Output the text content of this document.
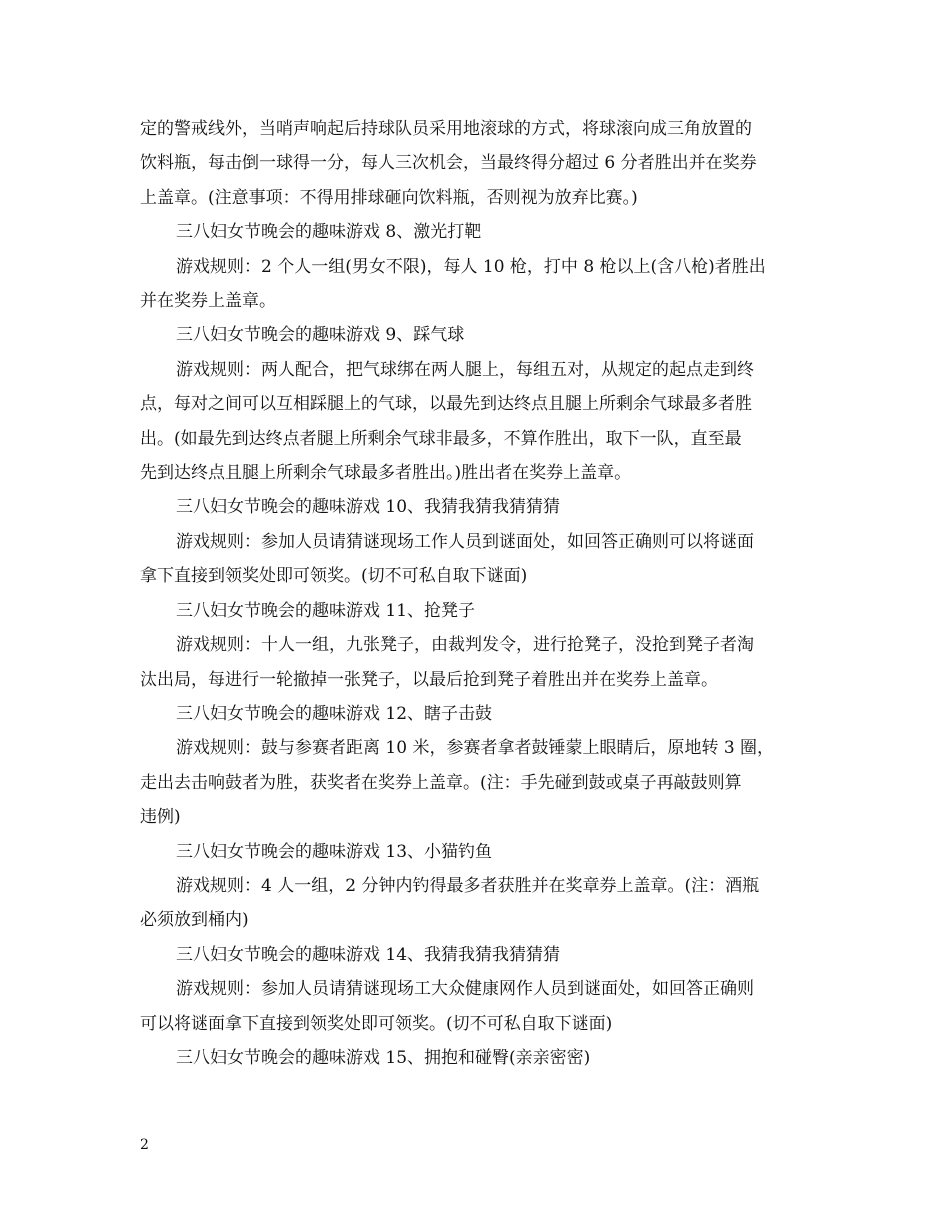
定的警戒线外，当哨声响起后持球队员采用地滚球的方式，将球滚向成三角放置的
饮料瓶，每击倒一球得一分，每人三次机会，当最终得分超过 6 分者胜出并在奖券
上盖章。(注意事项：不得用排球砸向饮料瓶，否则视为放弃比赛。)
三八妇女节晚会的趣味游戏 8、激光打靶
游戏规则：2 个人一组(男女不限)，每人 10 枪，打中 8 枪以上(含八枪)者胜出
并在奖券上盖章。
三八妇女节晚会的趣味游戏 9、踩气球
游戏规则：两人配合，把气球绑在两人腿上，每组五对，从规定的起点走到终
点，每对之间可以互相踩腿上的气球，以最先到达终点且腿上所剩余气球最多者胜
出。(如最先到达终点者腿上所剩余气球非最多，不算作胜出，取下一队，直至最
先到达终点且腿上所剩余气球最多者胜出。)胜出者在奖券上盖章。
三八妇女节晚会的趣味游戏 10、我猜我猜我猜猜猜
游戏规则：参加人员请猜谜现场工作人员到谜面处，如回答正确则可以将谜面
拿下直接到领奖处即可领奖。(切不可私自取下谜面)
三八妇女节晚会的趣味游戏 11、抢凳子
游戏规则：十人一组，九张凳子，由裁判发令，进行抢凳子，没抢到凳子者淘
汰出局，每进行一轮撤掉一张凳子，以最后抢到凳子着胜出并在奖券上盖章。
三八妇女节晚会的趣味游戏 12、瞎子击鼓
游戏规则：鼓与参赛者距离 10 米，参赛者拿者鼓锤蒙上眼睛后，原地转 3 圈，
走出去击响鼓者为胜，获奖者在奖券上盖章。(注：手先碰到鼓或桌子再敲鼓则算
违例)
三八妇女节晚会的趣味游戏 13、小猫钓鱼
游戏规则：4 人一组，2 分钟内钓得最多者获胜并在奖章券上盖章。(注：酒瓶
必须放到桶内)
三八妇女节晚会的趣味游戏 14、我猜我猜我猜猜猜
游戏规则：参加人员请猜谜现场工大众健康网作人员到谜面处，如回答正确则
可以将谜面拿下直接到领奖处即可领奖。(切不可私自取下谜面)
三八妇女节晚会的趣味游戏 15、拥抱和碰臀(亲亲密密)
2
